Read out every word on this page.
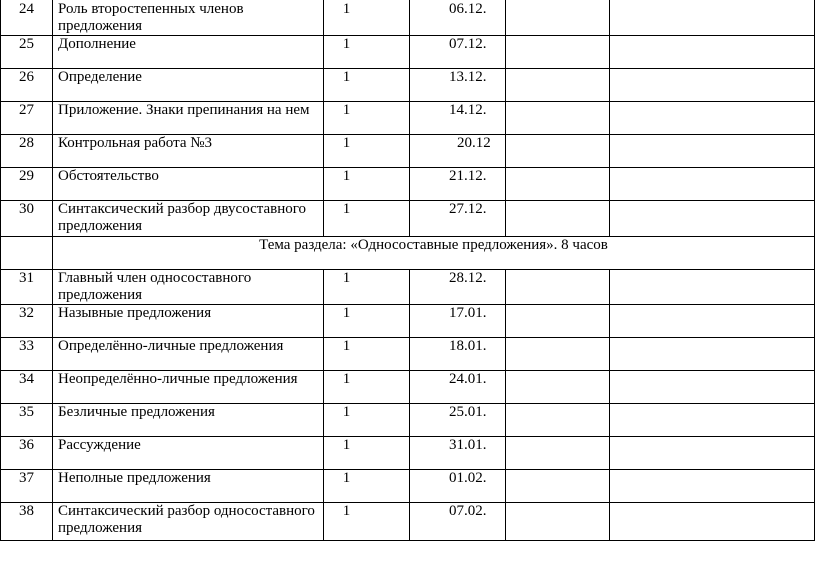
24	Роль второстепенных членов предложения	1	06.12.		
25	Дополнение	1	07.12.		
26	Определение	1	13.12.		
27	Приложение. Знаки препинания на нем	1	14.12.		
28	Контрольная работа №3	1	20.12		
29	Обстоятельство	1	21.12.		
30	Синтаксический разбор двусоставного предложения	1	27.12.		
	Тема раздела: «Односоставные предложения». 8 часов				
31	Главный член односоставного предложения	1	28.12.		
32	Назывные предложения	1	17.01.		
33	Определённо-личные предложения	1	18.01.		
34	Неопределённо-личные предложения	1	24.01.		
35	Безличные предложения	1	25.01.		
36	Рассуждение	1	31.01.		
37	Неполные предложения	1	01.02.		
38	Синтаксический разбор односоставного предложения	1	07.02.		
